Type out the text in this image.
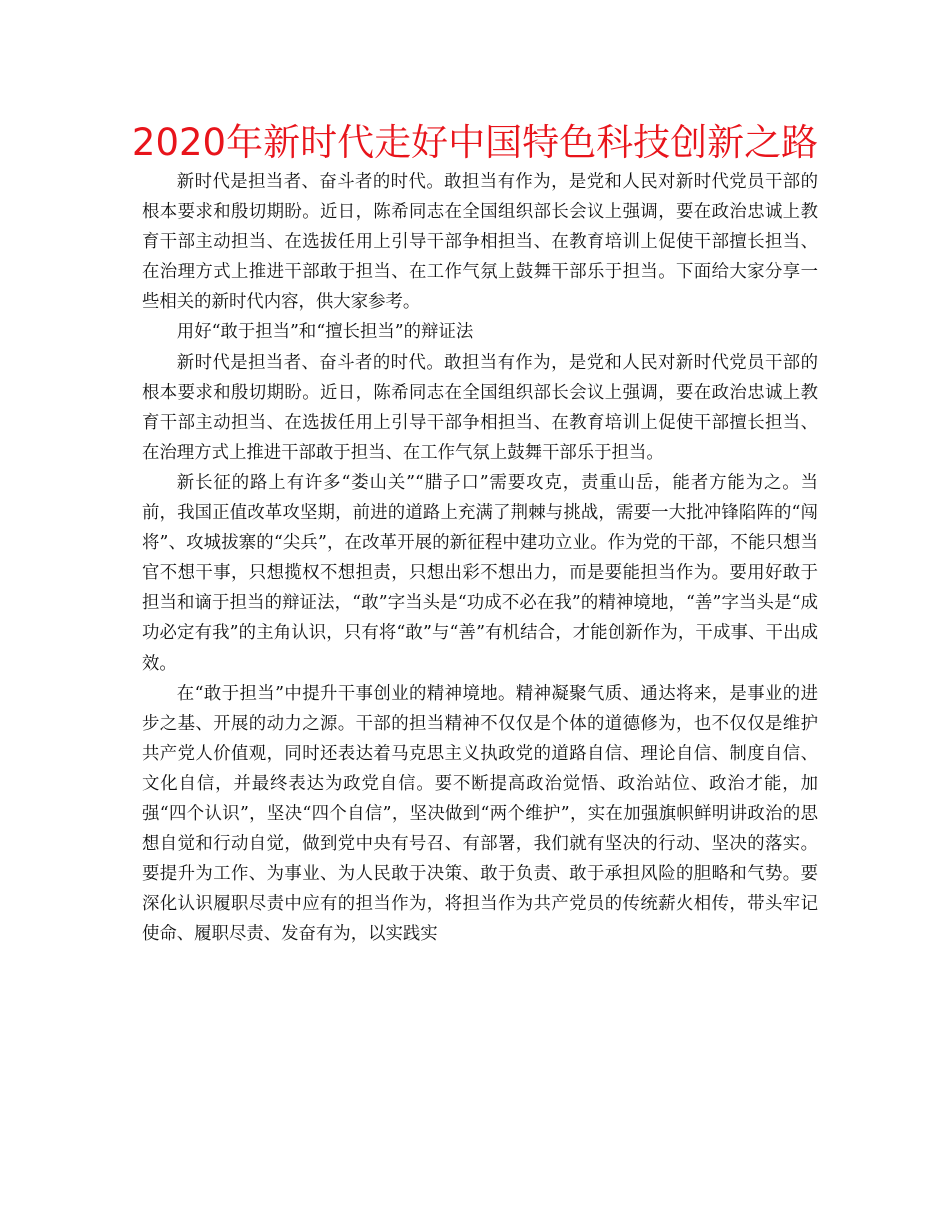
2020年新时代走好中国特色科技创新之路

新时代是担当者、奋斗者的时代。敢担当有作为，是党和人民对新时代党员干部的根本要求和殷切期盼。近日，陈希同志在全国组织部长会议上强调，要在政治忠诚上教育干部主动担当、在选拔任用上引导干部争相担当、在教育培训上促使干部擅长担当、在治理方式上推进干部敢于担当、在工作气氛上鼓舞干部乐于担当。下面给大家分享一些相关的新时代内容，供大家参考。

用好“敢于担当”和“擅长担当”的辩证法

新时代是担当者、奋斗者的时代。敢担当有作为，是党和人民对新时代党员干部的根本要求和殷切期盼。近日，陈希同志在全国组织部长会议上强调，要在政治忠诚上教育干部主动担当、在选拔任用上引导干部争相担当、在教育培训上促使干部擅长担当、在治理方式上推进干部敢于担当、在工作气氛上鼓舞干部乐于担当。

新长征的路上有许多“娄山关”“腊子口”需要攻克，责重山岳，能者方能为之。当前，我国正值改革攻坚期，前进的道路上充满了荆棘与挑战，需要一大批冲锋陷阵的“闯将”、攻城拔寨的“尖兵”，在改革开展的新征程中建功立业。作为党的干部，不能只想当官不想干事，只想揽权不想担责，只想出彩不想出力，而是要能担当作为。要用好敢于担当和谪于担当的辩证法，“敢”字当头是“功成不必在我”的精神境地，“善”字当头是“成功必定有我”的主角认识，只有将“敢”与“善”有机结合，才能创新作为，干成事、干出成效。

在“敢于担当”中提升干事创业的精神境地。精神凝聚气质、通达将来，是事业的进步之基、开展的动力之源。干部的担当精神不仅仅是个体的道德修为，也不仅仅是维护共产党人价值观，同时还表达着马克思主义执政党的道路自信、理论自信、制度自信、文化自信，并最终表达为政党自信。要不断提高政治觉悟、政治站位、政治才能，加强“四个认识”，坚决“四个自信”，坚决做到“两个维护”，实在加强旗帜鲜明讲政治的思想自觉和行动自觉，做到党中央有号召、有部署，我们就有坚决的行动、坚决的落实。要提升为工作、为事业、为人民敢于决策、敢于负责、敢于承担风险的胆略和气势。要深化认识履职尽责中应有的担当作为，将担当作为共产党员的传统薪火相传，带头牢记使命、履职尽责、发奋有为，以实践实
